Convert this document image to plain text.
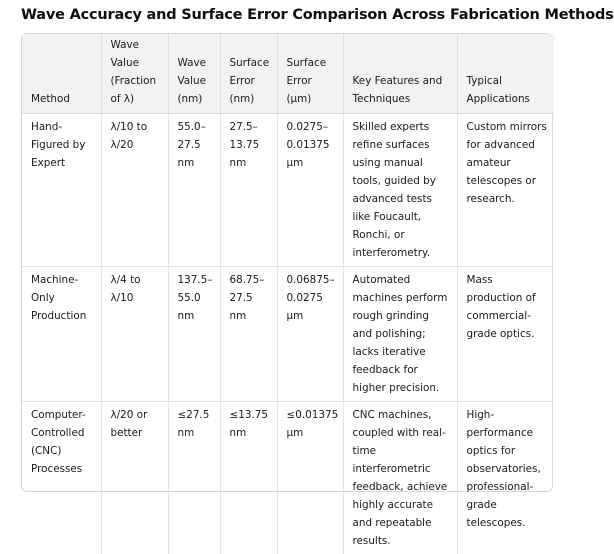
Wave Accuracy and Surface Error Comparison Across Fabrication Methods
Method	Wave Value (Fraction of λ)	Wave Value (nm)	Surface Error (nm)	Surface Error (µm)	Key Features and Techniques	Typical Applications
Hand-Figured by Expert	λ/10 to λ/20	55.0–27.5 nm	27.5–13.75 nm	0.0275–0.01375 µm	Skilled experts refine surfaces using manual tools, guided by advanced tests like Foucault, Ronchi, or interferometry.	Custom mirrors for advanced amateur telescopes or research.
Machine-Only Production	λ/4 to λ/10	137.5–55.0 nm	68.75–27.5 nm	0.06875–0.0275 µm	Automated machines perform rough grinding and polishing; lacks iterative feedback for higher precision.	Mass production of commercial-grade optics.
Computer-Controlled (CNC) Processes	λ/20 or better	≤27.5 nm	≤13.75 nm	≤0.01375 µm	CNC machines, coupled with real-time interferometric feedback, achieve highly accurate and repeatable results.	High-performance optics for observatories, professional-grade telescopes.
